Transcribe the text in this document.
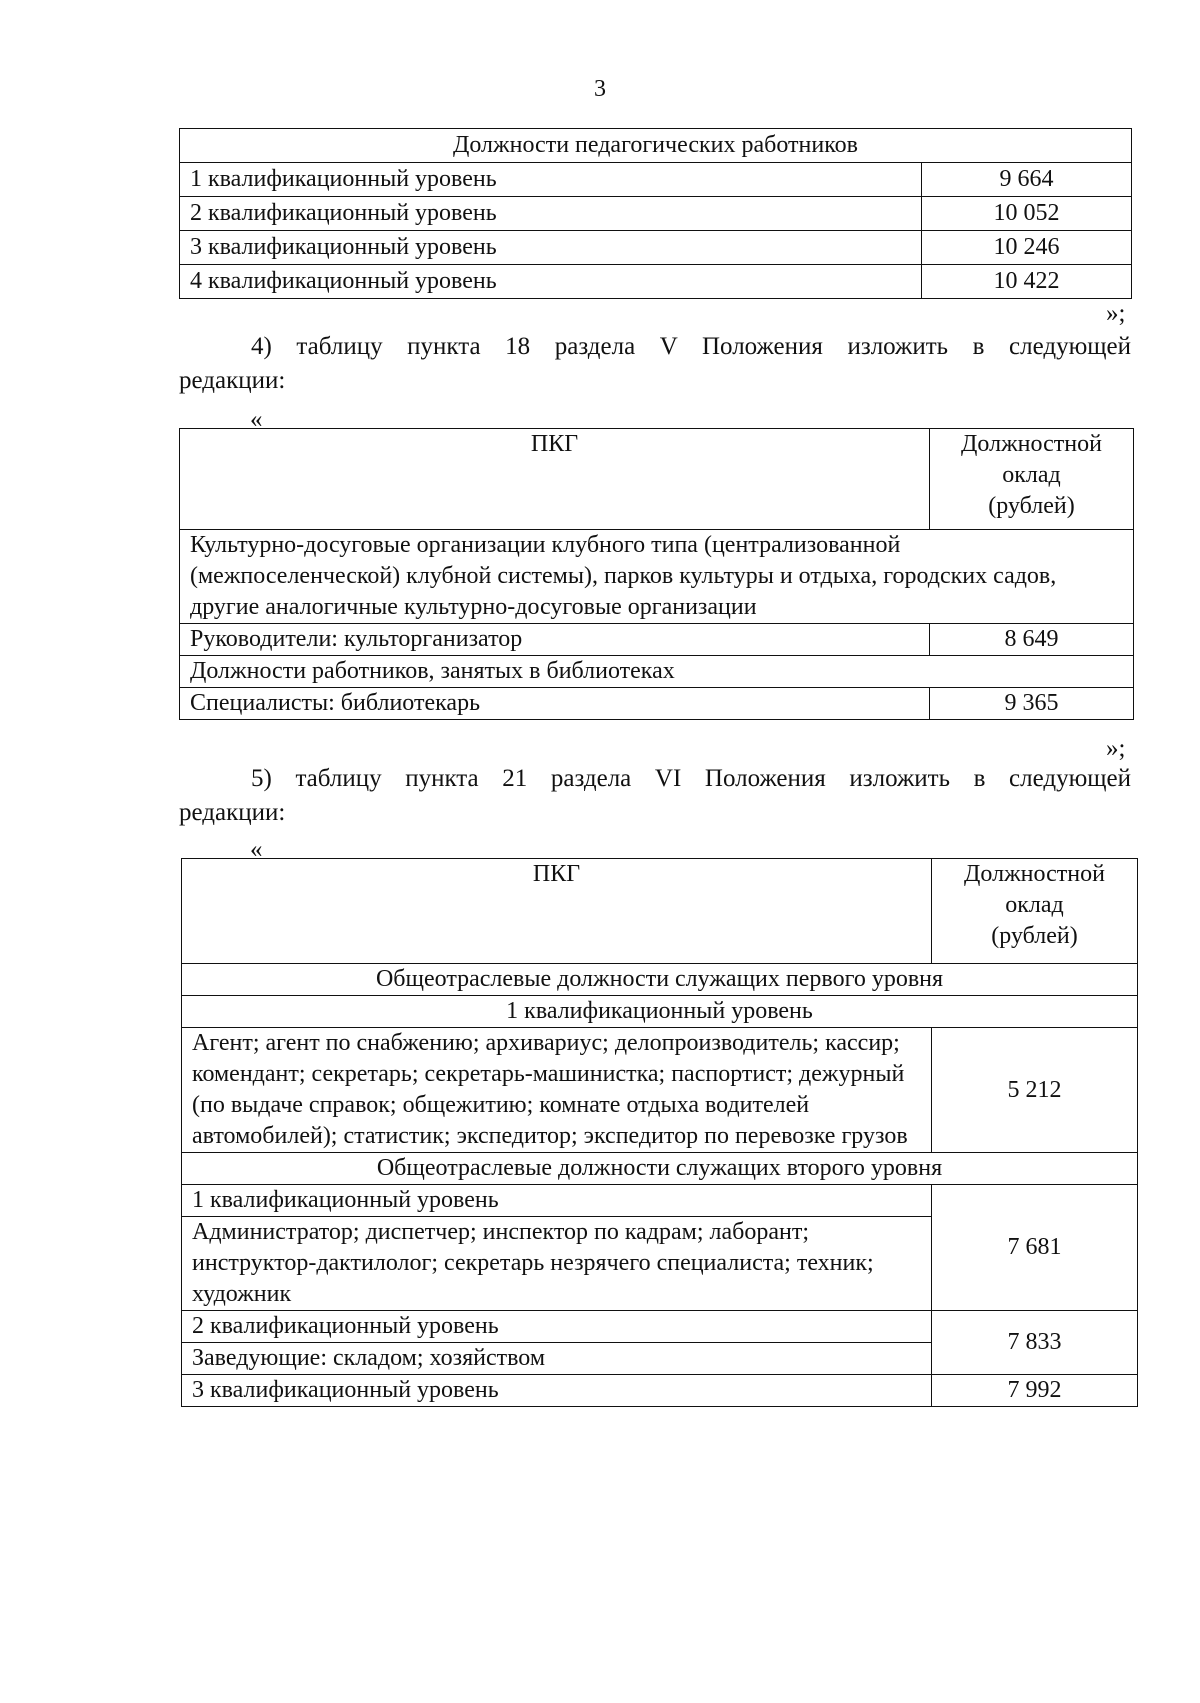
3
Должности педагогических работников	
1 квалификационный уровень	9 664
2 квалификационный уровень	10 052
3 квалификационный уровень	10 246
4 квалификационный уровень	10 422
»;
4) таблицу пункта 18 раздела V Положения изложить в следующей
редакции:
«
ПКГ	Должностной
оклад
(рублей)

Культурно-досуговые организации клубного типа (централизованной (межпоселенческой) клубной системы), парков культуры и отдыха, городских садов, другие аналогичные культурно-досуговые организации	
Руководители: культорганизатор	8 649
Должности работников, занятых в библиотеках	
Специалисты: библиотекарь	9 365
»;
5) таблицу пункта 21 раздела VI Положения изложить в следующей
редакции:
«
ПКГ	Должностной
оклад
(рублей)

Общеотраслевые должности служащих первого уровня	
1 квалификационный уровень	
Агент; агент по снабжению; архивариус; делопроизводитель; кассир; комендант; секретарь; секретарь-машинистка; паспортист; дежурный (по выдаче справок; общежитию; комнате отдыха водителей автомобилей); статистик; экспедитор; экспедитор по перевозке грузов	5 212
Общеотраслевые должности служащих второго уровня	
1 квалификационный уровень	7 681
Администратор; диспетчер; инспектор по кадрам; лаборант; инструктор-дактилолог; секретарь незрячего специалиста; техник; художник	
2 квалификационный уровень	7 833
Заведующие: складом; хозяйством	
3 квалификационный уровень	7 992
